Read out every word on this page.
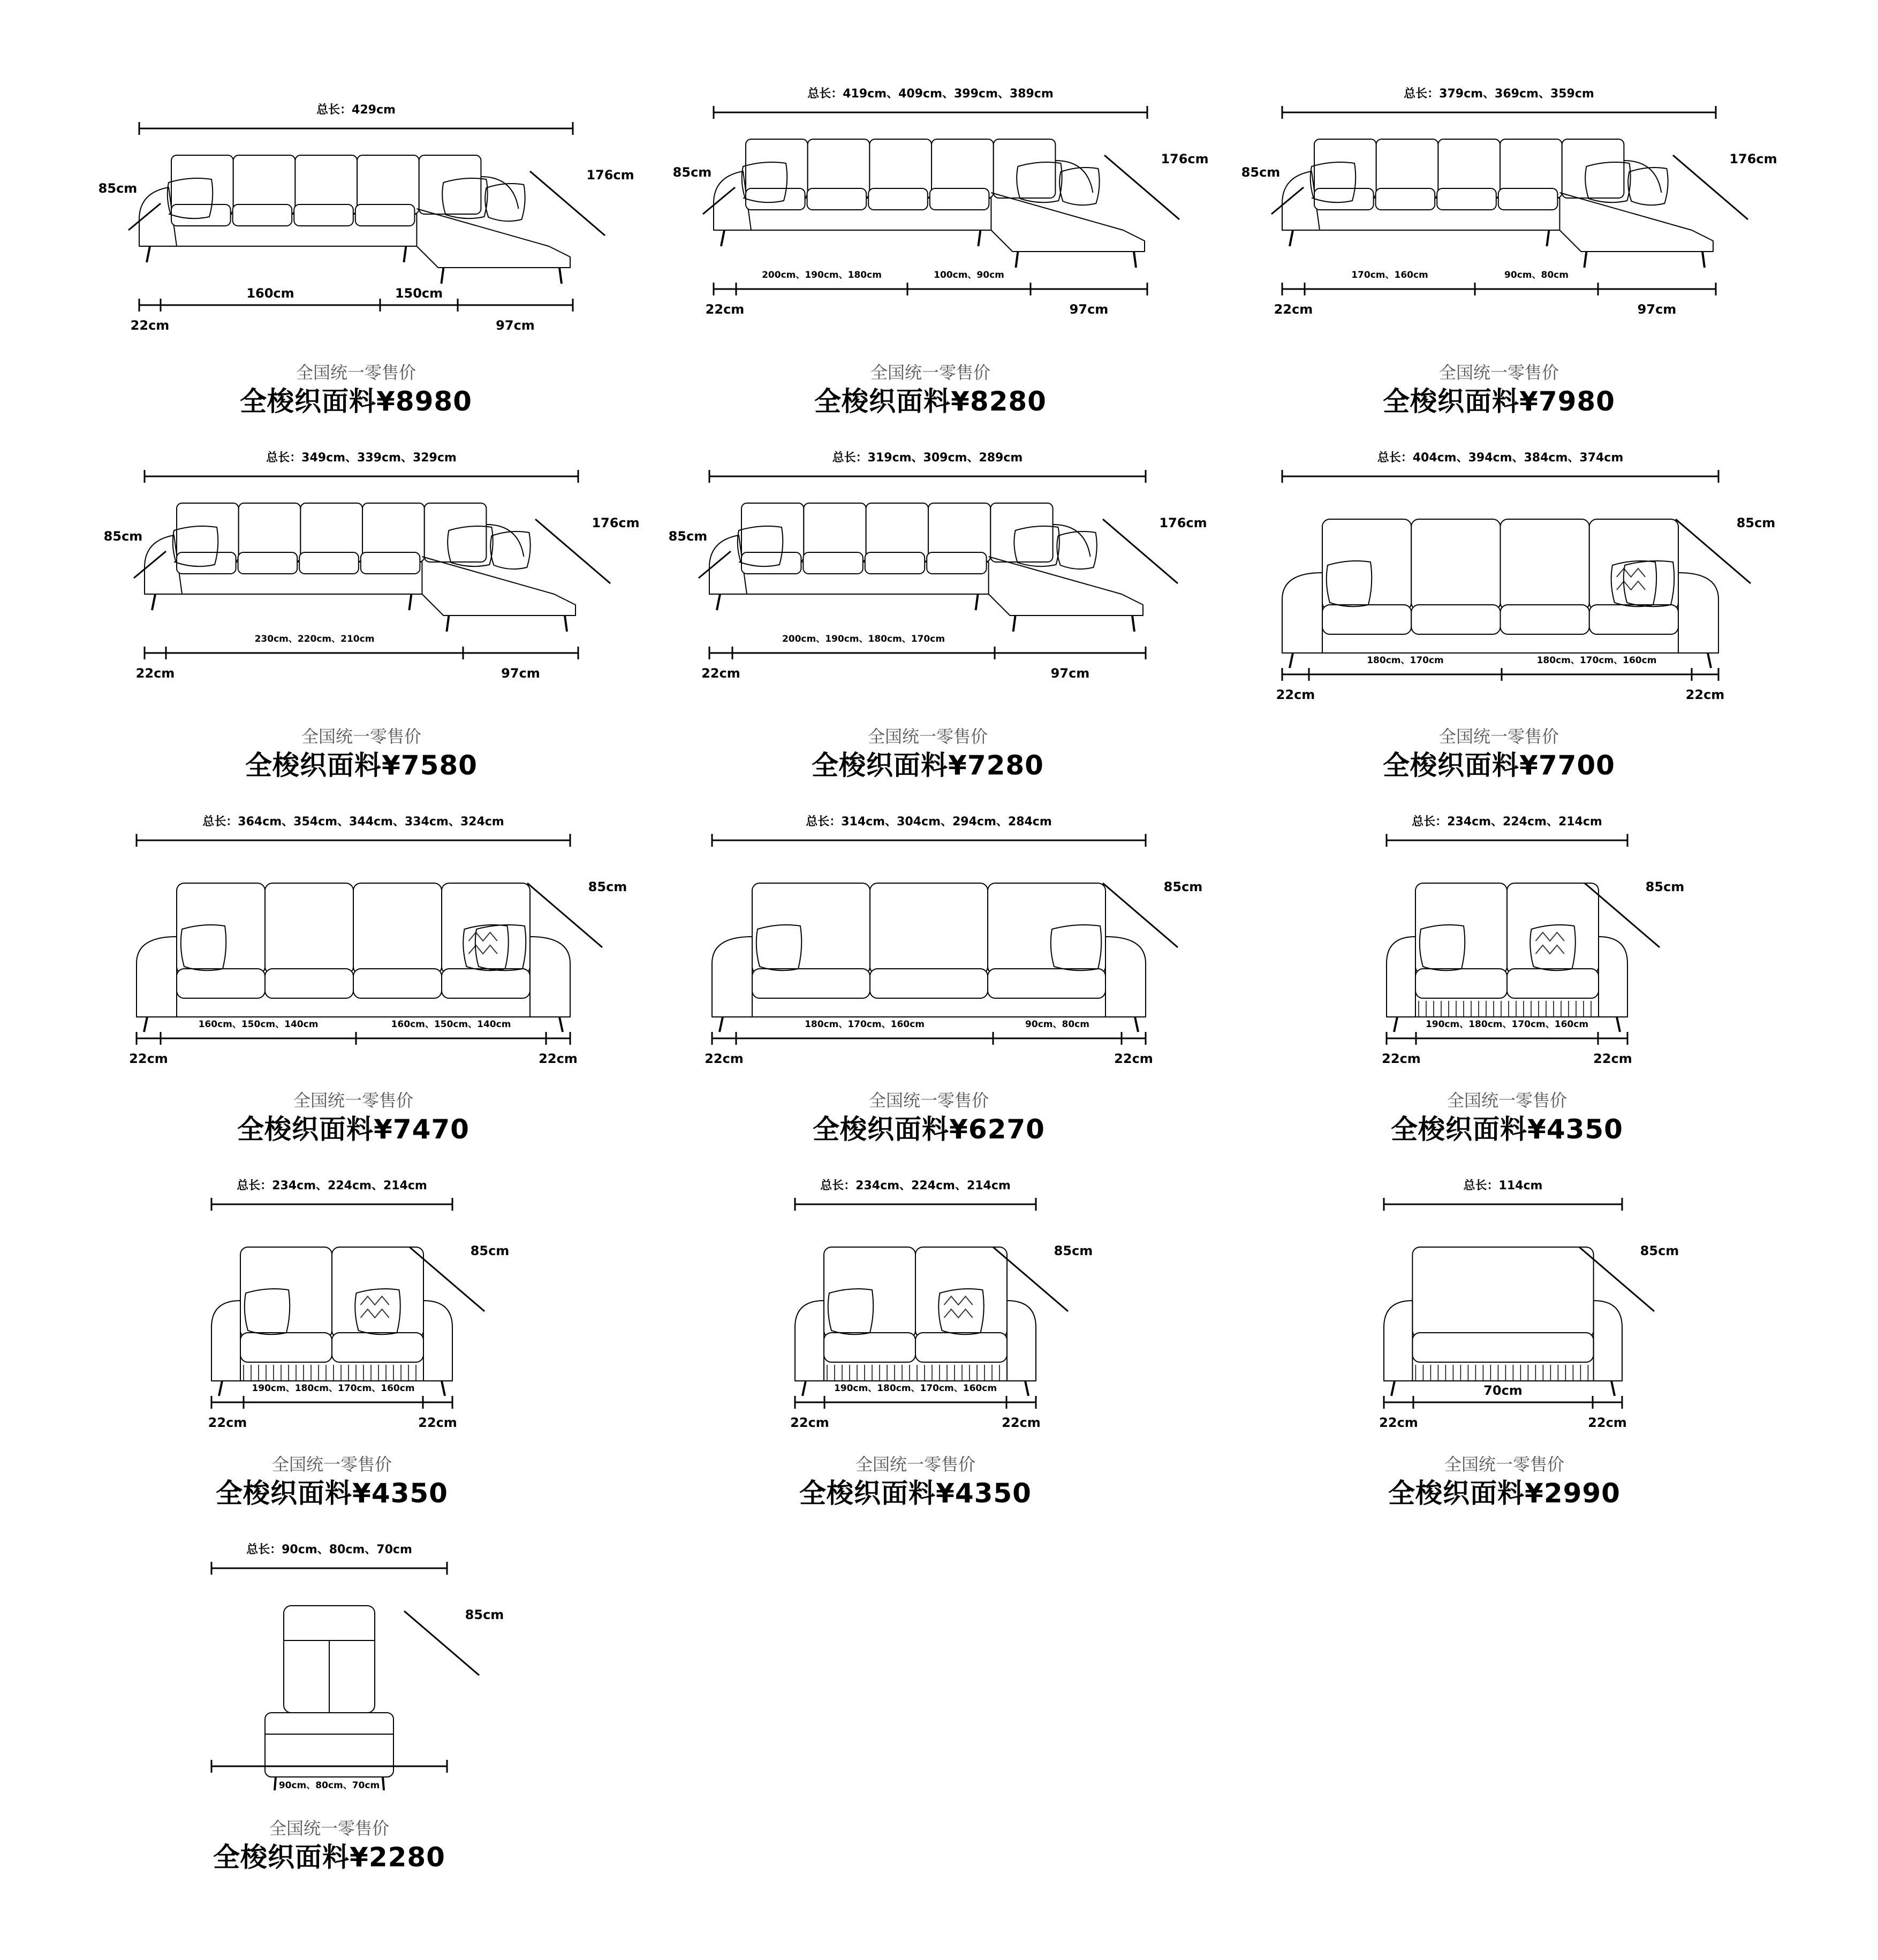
总长：429cm
176cm
85cm
22cm
160cm	150cm
97cm
全国统一零售价
全梭织面料¥8980
总长：419cm、409cm、399cm、389cm
176cm
85cm
22cm
200cm、190cm、180cm	100cm、90cm
97cm
全国统一零售价
全梭织面料¥8280
总长：379cm、369cm、359cm
176cm
85cm
22cm
170cm、160cm	90cm、80cm
97cm
全国统一零售价
全梭织面料¥7980
总长：349cm、339cm、329cm
176cm
85cm
22cm
230cm、220cm、210cm
97cm
全国统一零售价
全梭织面料¥7580
总长：319cm、309cm、289cm
176cm
85cm
22cm
200cm、190cm、180cm、170cm
97cm
全国统一零售价
全梭织面料¥7280
总长：404cm、394cm、384cm、374cm
85cm
22cm
180cm、170cm	180cm、170cm、160cm
22cm
全国统一零售价
全梭织面料¥7700
总长：364cm、354cm、344cm、334cm、324cm
85cm
22cm
160cm、150cm、140cm	160cm、150cm、140cm
22cm
全国统一零售价
全梭织面料¥7470
总长：314cm、304cm、294cm、284cm
85cm
22cm
180cm、170cm、160cm	90cm、80cm
22cm
全国统一零售价
全梭织面料¥6270
总长：234cm、224cm、214cm
85cm
22cm
190cm、180cm、170cm、160cm
22cm
全国统一零售价
全梭织面料¥4350
总长：234cm、224cm、214cm
85cm
22cm
190cm、180cm、170cm、160cm
22cm
全国统一零售价
全梭织面料¥4350
总长：234cm、224cm、214cm
85cm
22cm
190cm、180cm、170cm、160cm
22cm
全国统一零售价
全梭织面料¥4350
总长：114cm
85cm
22cm
70cm
22cm
全国统一零售价
全梭织面料¥2990
总长：90cm、80cm、70cm
85cm
90cm、80cm、70cm
全国统一零售价
全梭织面料¥2280
